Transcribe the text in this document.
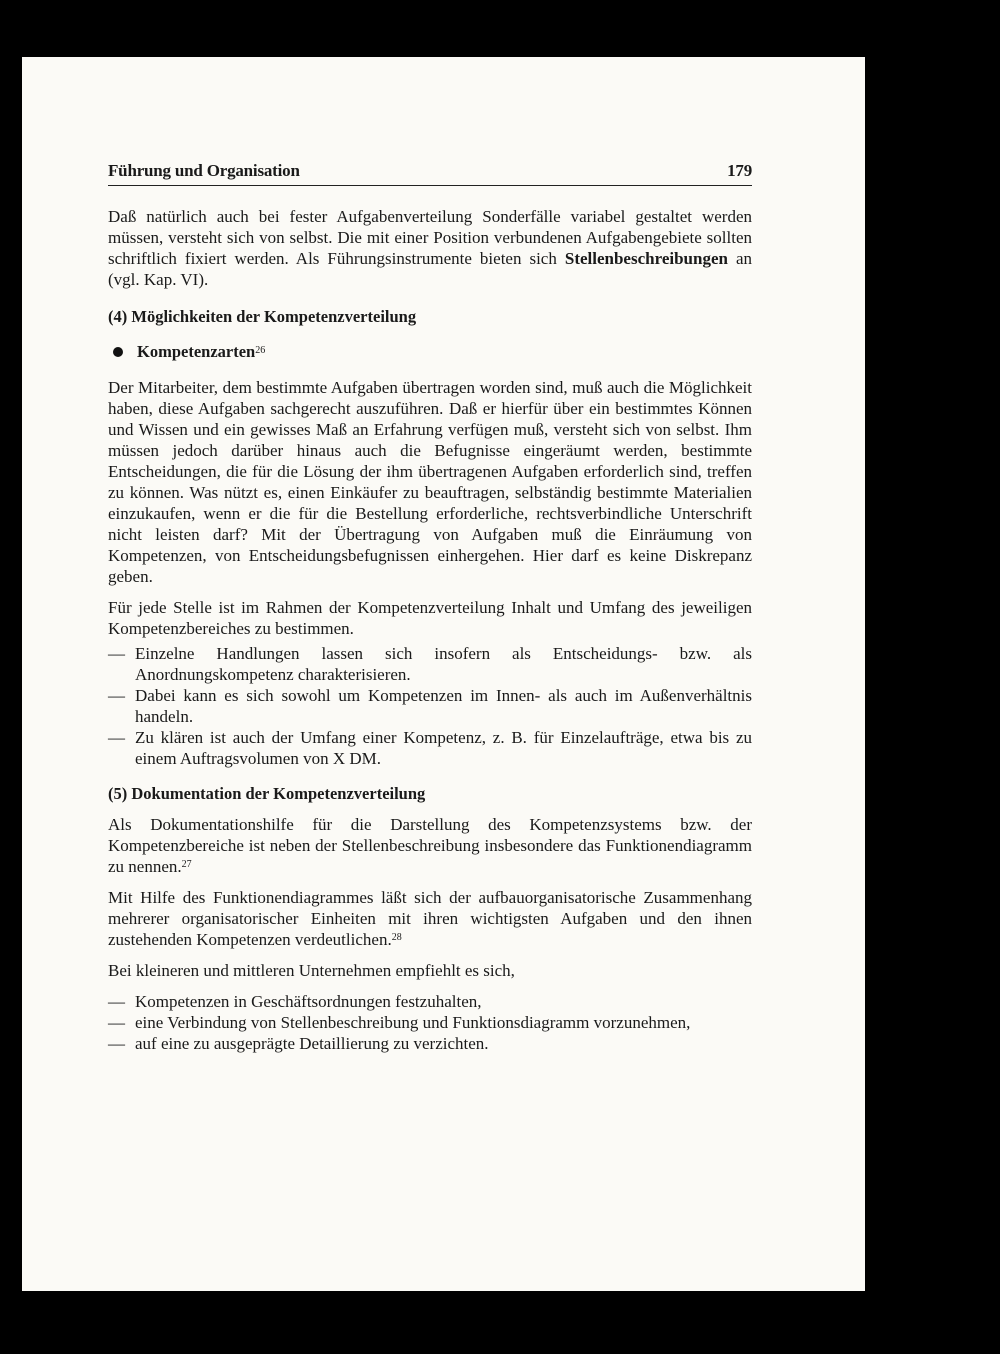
Führung und Organisation	179

Daß natürlich auch bei fester Aufgabenverteilung Sonderfälle variabel gestaltet werden müssen, versteht sich von selbst. Die mit einer Position verbundenen Aufgabengebiete sollten schriftlich fixiert werden. Als Führungsinstrumente bieten sich Stellenbeschreibungen an (vgl. Kap. VI).

(4) Möglichkeiten der Kompetenzverteilung
Kompetenzarten$^{26}$

Der Mitarbeiter, dem bestimmte Aufgaben übertragen worden sind, muß auch die Möglichkeit haben, diese Aufgaben sachgerecht auszuführen. Daß er hierfür über ein bestimmtes Können und Wissen und ein gewisses Maß an Erfahrung verfügen muß, versteht sich von selbst. Ihm müssen jedoch darüber hinaus auch die Befugnisse eingeräumt werden, bestimmte Entscheidungen, die für die Lösung der ihm übertragenen Aufgaben erforderlich sind, treffen zu können. Was nützt es, einen Einkäufer zu beauftragen, selbständig bestimmte Materialien einzukaufen, wenn er die für die Bestellung erforderliche, rechtsverbindliche Unterschrift nicht leisten darf? Mit der Übertragung von Aufgaben muß die Einräumung von Kompetenzen, von Entscheidungsbefugnissen einhergehen. Hier darf es keine Diskrepanz geben.

Für jede Stelle ist im Rahmen der Kompetenzverteilung Inhalt und Umfang des jeweiligen Kompetenzbereiches zu bestimmen.

— Einzelne Handlungen lassen sich insofern als Entscheidungs- bzw. als Anordnungskompetenz charakterisieren.
— Dabei kann es sich sowohl um Kompetenzen im Innen- als auch im Außenverhältnis handeln.
— Zu klären ist auch der Umfang einer Kompetenz, z. B. für Einzelaufträge, etwa bis zu einem Auftragsvolumen von X DM.
(5) Dokumentation der Kompetenzverteilung

Als Dokumentationshilfe für die Darstellung des Kompetenzsystems bzw. der Kompetenzbereiche ist neben der Stellenbeschreibung insbesondere das Funktionendiagramm zu nennen.$^{27}$

Mit Hilfe des Funktionendiagrammes läßt sich der aufbauorganisatorische Zusammenhang mehrerer organisatorischer Einheiten mit ihren wichtigsten Aufgaben und den ihnen zustehenden Kompetenzen verdeutlichen.$^{28}$

Bei kleineren und mittleren Unternehmen empfiehlt es sich,

— Kompetenzen in Geschäftsordnungen festzuhalten,
— eine Verbindung von Stellenbeschreibung und Funktionsdiagramm vorzunehmen,
— auf eine zu ausgeprägte Detaillierung zu verzichten.
